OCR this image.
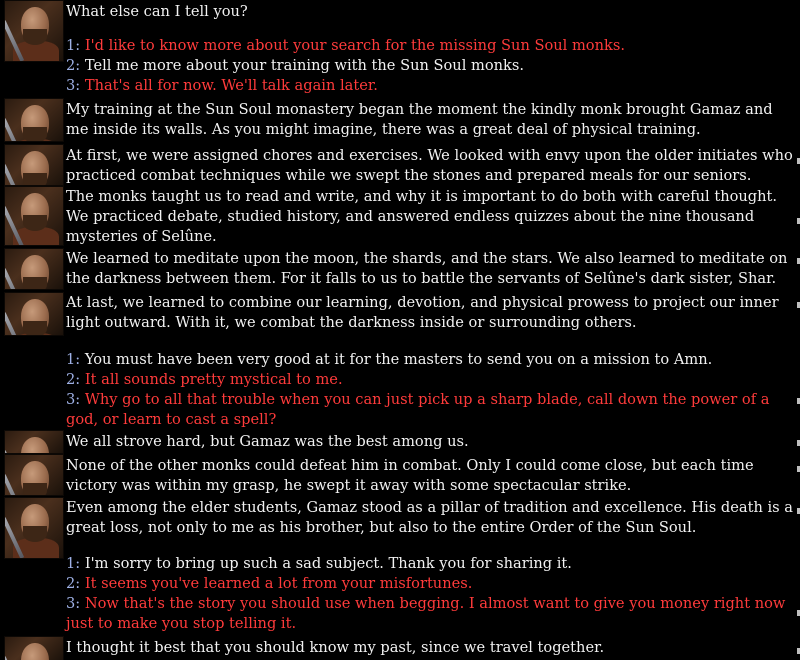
What else can I tell you?
1: I'd like to know more about your search for the missing Sun Soul monks.
2: Tell me more about your training with the Sun Soul monks.
3: That's all for now. We'll talk again later.
My training at the Sun Soul monastery began the moment the kindly monk brought Gamaz and me inside its walls. As you might imagine, there was a great deal of physical training.
At first, we were assigned chores and exercises. We looked with envy upon the older initiates who practiced combat techniques while we swept the stones and prepared meals for our seniors.
The monks taught us to read and write, and why it is important to do both with careful thought. We practiced debate, studied history, and answered endless quizzes about the nine thousand mysteries of Selûne.
We learned to meditate upon the moon, the shards, and the stars. We also learned to meditate on the darkness between them. For it falls to us to battle the servants of Selûne's dark sister, Shar.
At last, we learned to combine our learning, devotion, and physical prowess to project our inner light outward. With it, we combat the darkness inside or surrounding others.
1: You must have been very good at it for the masters to send you on a mission to Amn.
2: It all sounds pretty mystical to me.
3: Why go to all that trouble when you can just pick up a sharp blade, call down the power of a god, or learn to cast a spell?
We all strove hard, but Gamaz was the best among us.
None of the other monks could defeat him in combat. Only I could come close, but each time victory was within my grasp, he swept it away with some spectacular strike.
Even among the elder students, Gamaz stood as a pillar of tradition and excellence. His death is a great loss, not only to me as his brother, but also to the entire Order of the Sun Soul.
1: I'm sorry to bring up such a sad subject. Thank you for sharing it.
2: It seems you've learned a lot from your misfortunes.
3: Now that's the story you should use when begging. I almost want to give you money right now just to make you stop telling it.
I thought it best that you should know my past, since we travel together.
